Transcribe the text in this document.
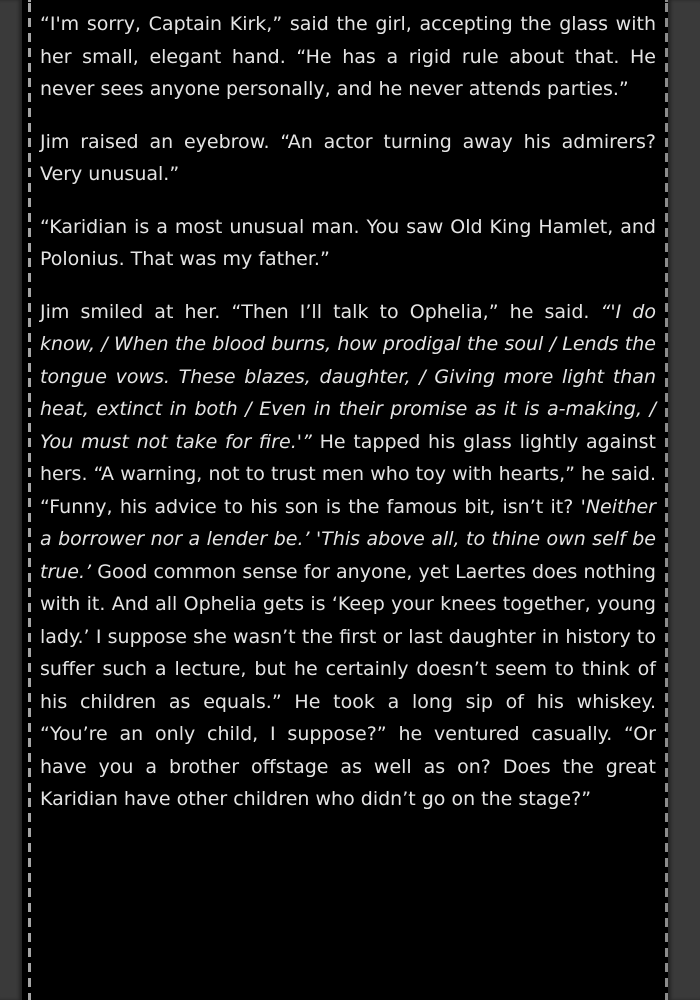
“I'm sorry, Captain Kirk,” said the girl, accepting the glass with her small, elegant hand. “He has a rigid rule about that. He never sees anyone personally, and he never attends parties.”

Jim raised an eyebrow. “An actor turning away his admirers? Very unusual.”

“Karidian is a most unusual man. You saw Old King Hamlet, and Polonius. That was my father.”

Jim smiled at her. “Then I’ll talk to Ophelia,” he said. “'I do know, / When the blood burns, how prodigal the soul / Lends the tongue vows. These blazes, daughter, / Giving more light than heat, extinct in both / Even in their promise as it is a-making, / You must not take for fire.'” He tapped his glass lightly against hers. “A warning, not to trust men who toy with hearts,” he said. “Funny, his advice to his son is the famous bit, isn’t it? 'Neither a borrower nor a lender be.’ 'This above all, to thine own self be true.’ Good common sense for anyone, yet Laertes does nothing with it. And all Ophelia gets is ‘Keep your knees together, young lady.’ I suppose she wasn’t the first or last daughter in history to suffer such a lecture, but he certainly doesn’t seem to think of his children as equals.” He took a long sip of his whiskey. “You’re an only child, I suppose?” he ventured casually. “Or have you a brother offstage as well as on? Does the great Karidian have other children who didn’t go on the stage?”
